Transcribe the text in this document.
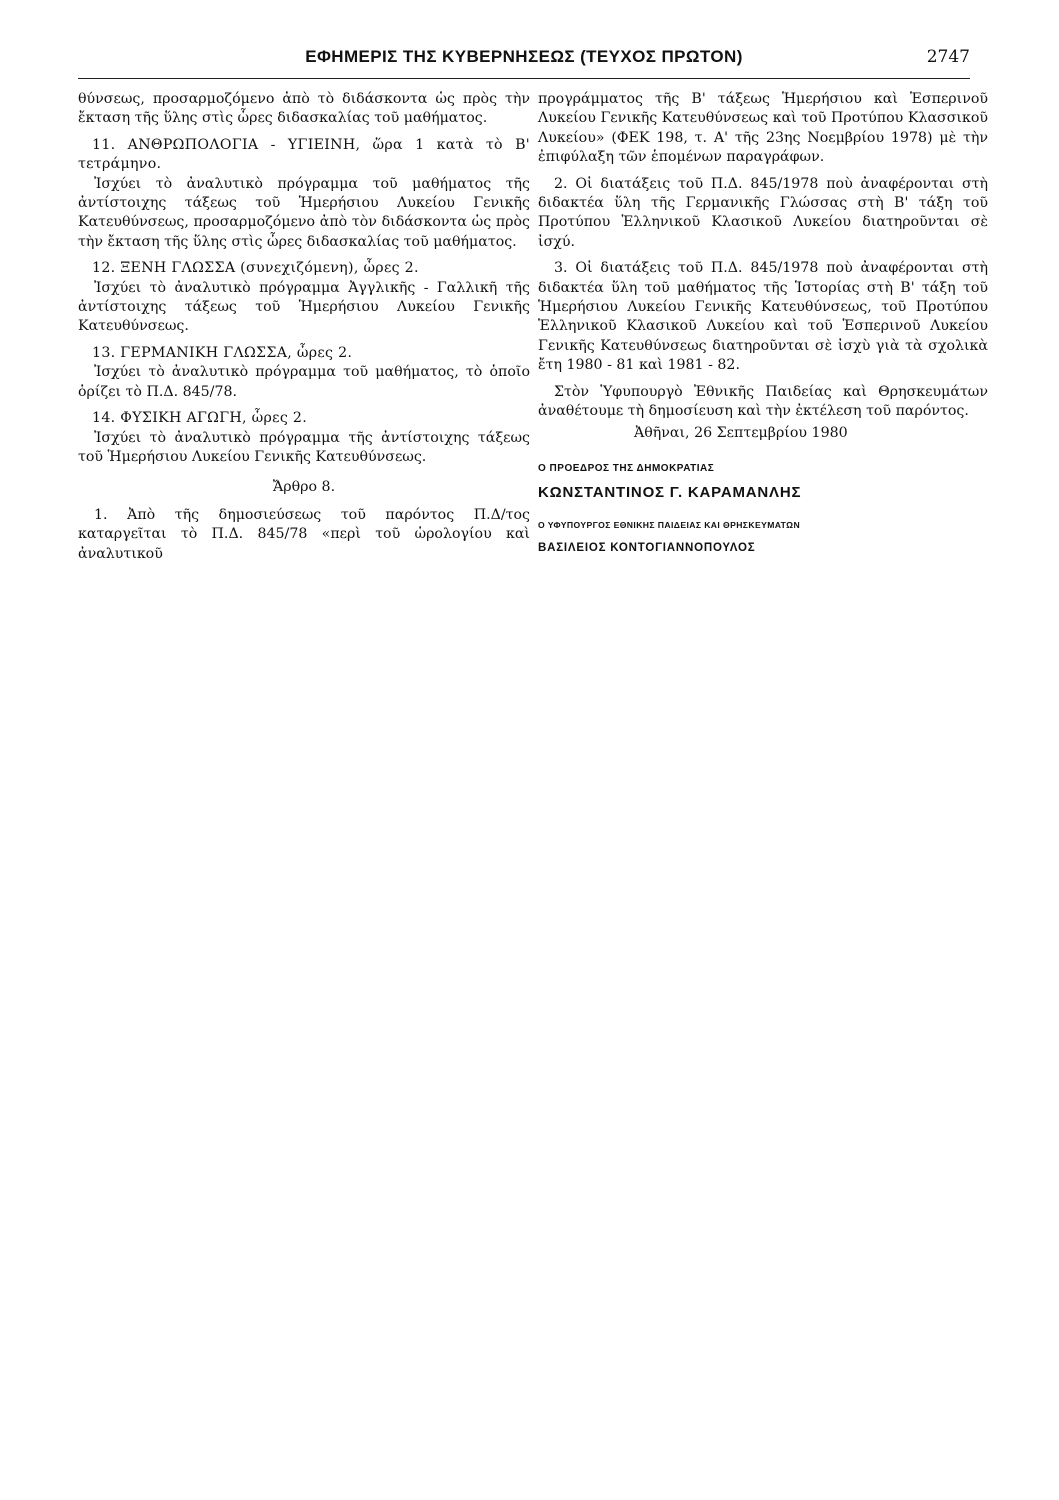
ΕΦΗΜΕΡΙΣ ΤΗΣ ΚΥΒΕΡΝΗΣΕΩΣ (ΤΕΥΧΟΣ ΠΡΩΤΟΝ)	2747

θύνσεως, προσαρμοζόμενο ἀπὸ τὸ διδάσκοντα ὡς πρὸς τὴν ἔκταση τῆς ὕλης στὶς ὧρες διδασκαλίας τοῦ μαθήματος.

11. ΑΝΘΡΩΠΟΛΟΓΙΑ - ΥΓΙΕΙΝΗ, ὥρα 1 κατὰ τὸ Β' τετράμηνο.

Ἰσχύει τὸ ἀναλυτικὸ πρόγραμμα τοῦ μαθήματος τῆς ἀντίστοιχης τάξεως τοῦ Ἡμερήσιου Λυκείου Γενικῆς Κατευθύνσεως, προσαρμοζόμενο ἀπὸ τὸν διδάσκοντα ὡς πρὸς τὴν ἔκταση τῆς ὕλης στὶς ὧρες διδασκαλίας τοῦ μαθήματος.

12. ΞΕΝΗ ΓΛΩΣΣΑ (συνεχιζόμενη), ὧρες 2.

Ἰσχύει τὸ ἀναλυτικὸ πρόγραμμα Ἀγγλικῆς - Γαλλικῆ τῆς ἀντίστοιχης τάξεως τοῦ Ἡμερήσιου Λυκείου Γενικῆς Κατευθύνσεως.

13. ΓΕΡΜΑΝΙΚΗ ΓΛΩΣΣΑ, ὧρες 2.

Ἰσχύει τὸ ἀναλυτικὸ πρόγραμμα τοῦ μαθήματος, τὸ ὁποῖο ὁρίζει τὸ Π.Δ. 845/78.

14. ΦΥΣΙΚΗ ΑΓΩΓΗ, ὧρες 2.

Ἰσχύει τὸ ἀναλυτικὸ πρόγραμμα τῆς ἀντίστοιχης τάξεως τοῦ Ἡμερήσιου Λυκείου Γενικῆς Κατευθύνσεως.

Ἄρθρο 8.

1. Ἀπὸ τῆς δημοσιεύσεως τοῦ παρόντος Π.Δ/τος καταργεῖται τὸ Π.Δ. 845/78 «περὶ τοῦ ὡρολογίου καὶ ἀναλυτικοῦ

προγράμματος τῆς Β' τάξεως Ἡμερήσιου καὶ Ἑσπερινοῦ Λυκείου Γενικῆς Κατευθύνσεως καὶ τοῦ Προτύπου Κλασσικοῦ Λυκείου» (ΦΕΚ 198, τ. Α' τῆς 23ης Νοεμβρίου 1978) μὲ τὴν ἐπιφύλαξη τῶν ἑπομένων παραγράφων.

2. Οἱ διατάξεις τοῦ Π.Δ. 845/1978 ποὺ ἀναφέρονται στὴ διδακτέα ὕλη τῆς Γερμανικῆς Γλώσσας στὴ Β' τάξη τοῦ Προτύπου Ἑλληνικοῦ Κλασικοῦ Λυκείου διατηροῦνται σὲ ἰσχύ.

3. Οἱ διατάξεις τοῦ Π.Δ. 845/1978 ποὺ ἀναφέρονται στὴ διδακτέα ὕλη τοῦ μαθήματος τῆς Ἱστορίας στὴ Β' τάξη τοῦ Ἡμερήσιου Λυκείου Γενικῆς Κατευθύνσεως, τοῦ Προτύπου Ἑλληνικοῦ Κλασικοῦ Λυκείου καὶ τοῦ Ἑσπερινοῦ Λυκείου Γενικῆς Κατευθύνσεως διατηροῦνται σὲ ἰσχὺ γιὰ τὰ σχολικὰ ἔτη 1980 - 81 καὶ 1981 - 82.

Στὸν Ὑφυπουργὸ Ἐθνικῆς Παιδείας καὶ Θρησκευμάτων ἀναθέτουμε τὴ δημοσίευση καὶ τὴν ἐκτέλεση τοῦ παρόντος.

Ἀθῆναι, 26 Σεπτεμβρίου 1980

Ο ΠΡΟΕΔΡΟΣ ΤΗΣ ΔΗΜΟΚΡΑΤΙΑΣ

ΚΩΝΣΤΑΝΤΙΝΟΣ Γ. ΚΑΡΑΜΑΝΛΗΣ

Ο ΥΦΥΠΟΥΡΓΟΣ ΕΘΝΙΚΗΣ ΠΑΙΔΕΙΑΣ ΚΑΙ ΘΡΗΣΚΕΥΜΑΤΩΝ

ΒΑΣΙΛΕΙΟΣ ΚΟΝΤΟΓΙΑΝΝΟΠΟΥΛΟΣ
